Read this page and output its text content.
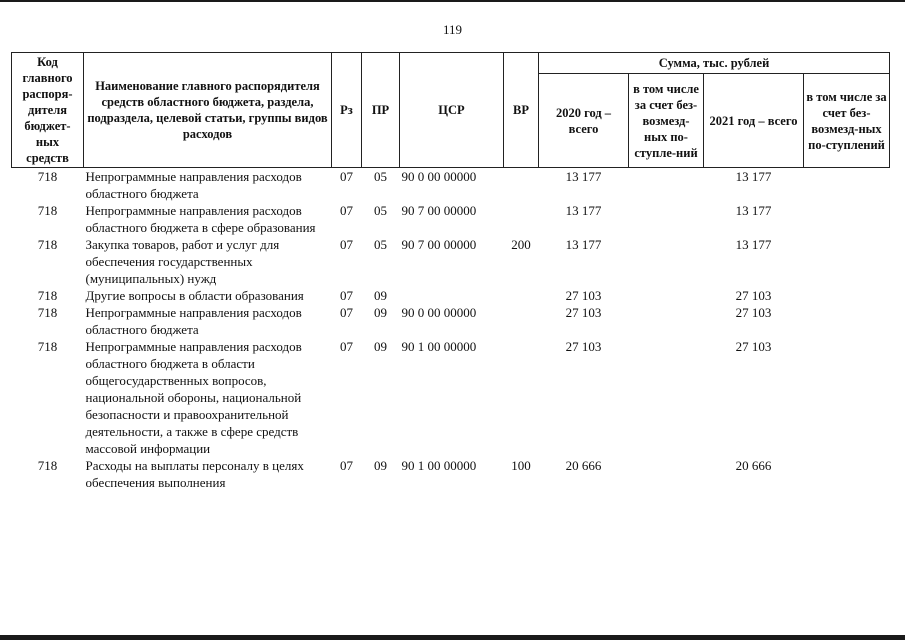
119
Код главного распоря-дителя бюджет-ных средств	Наименование главного распорядителя средств областного бюджета, раздела, подраздела, целевой статьи, группы видов расходов	Рз	ПР	ЦСР	ВР	Сумма, тыс. рублей			
						2020 год – всего	в том числе за счет без-возмезд-ных по-ступле-ний	2021 год – всего	в том числе за счет без-возмезд-ных по-ступлений
718	Непрограммные направления расходов областного бюджета	07	05	90 0 00 00000		13 177		13 177	
718	Непрограммные направления расходов областного бюджета в сфере образования	07	05	90 7 00 00000		13 177		13 177	
718	Закупка товаров, работ и услуг для обеспечения государственных (муниципальных) нужд	07	05	90 7 00 00000	200	13 177		13 177	
718	Другие вопросы в области образования	07	09			27 103		27 103	
718	Непрограммные направления расходов областного бюджета	07	09	90 0 00 00000		27 103		27 103	
718	Непрограммные направления расходов областного бюджета в области общегосударственных вопросов, национальной обороны, национальной безопасности и правоохранительной деятельности, а также в сфере средств массовой информации	07	09	90 1 00 00000		27 103		27 103	
718	Расходы на выплаты персоналу в целях обеспечения выполнения	07	09	90 1 00 00000	100	20 666		20 666	
